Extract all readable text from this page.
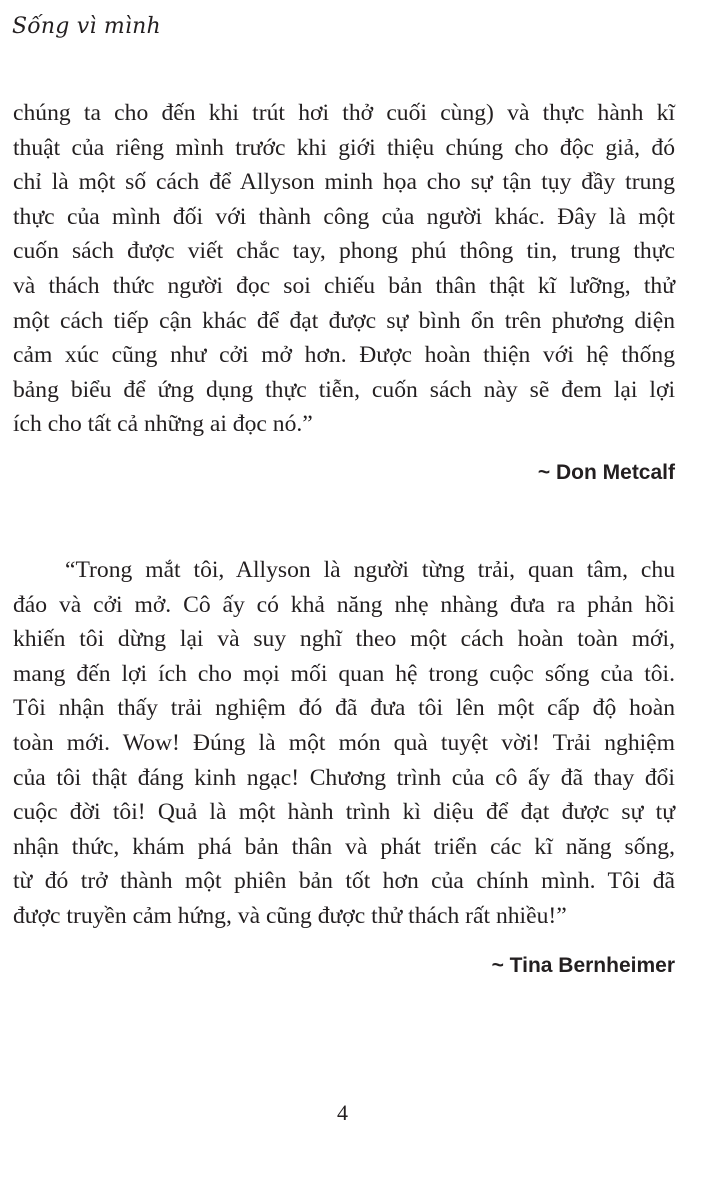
Sống vì mình
chúng ta cho đến khi trút hơi thở cuối cùng) và thực hành kĩ
thuật của riêng mình trước khi giới thiệu chúng cho độc giả, đó
chỉ là một số cách để Allyson minh họa cho sự tận tụy đầy trung
thực của mình đối với thành công của người khác. Đây là một
cuốn sách được viết chắc tay, phong phú thông tin, trung thực
và thách thức người đọc soi chiếu bản thân thật kĩ lưỡng, thử
một cách tiếp cận khác để đạt được sự bình ổn trên phương diện
cảm xúc cũng như cởi mở hơn. Được hoàn thiện với hệ thống
bảng biểu để ứng dụng thực tiễn, cuốn sách này sẽ đem lại lợi
ích cho tất cả những ai đọc nó.”
~ Don Metcalf
“Trong mắt tôi, Allyson là người từng trải, quan tâm, chu
đáo và cởi mở. Cô ấy có khả năng nhẹ nhàng đưa ra phản hồi
khiến tôi dừng lại và suy nghĩ theo một cách hoàn toàn mới,
mang đến lợi ích cho mọi mối quan hệ trong cuộc sống của tôi.
Tôi nhận thấy trải nghiệm đó đã đưa tôi lên một cấp độ hoàn
toàn mới. Wow! Đúng là một món quà tuyệt vời! Trải nghiệm
của tôi thật đáng kinh ngạc! Chương trình của cô ấy đã thay đổi
cuộc đời tôi! Quả là một hành trình kì diệu để đạt được sự tự
nhận thức, khám phá bản thân và phát triển các kĩ năng sống,
từ đó trở thành một phiên bản tốt hơn của chính mình. Tôi đã
được truyền cảm hứng, và cũng được thử thách rất nhiều!”
~ Tina Bernheimer
4
